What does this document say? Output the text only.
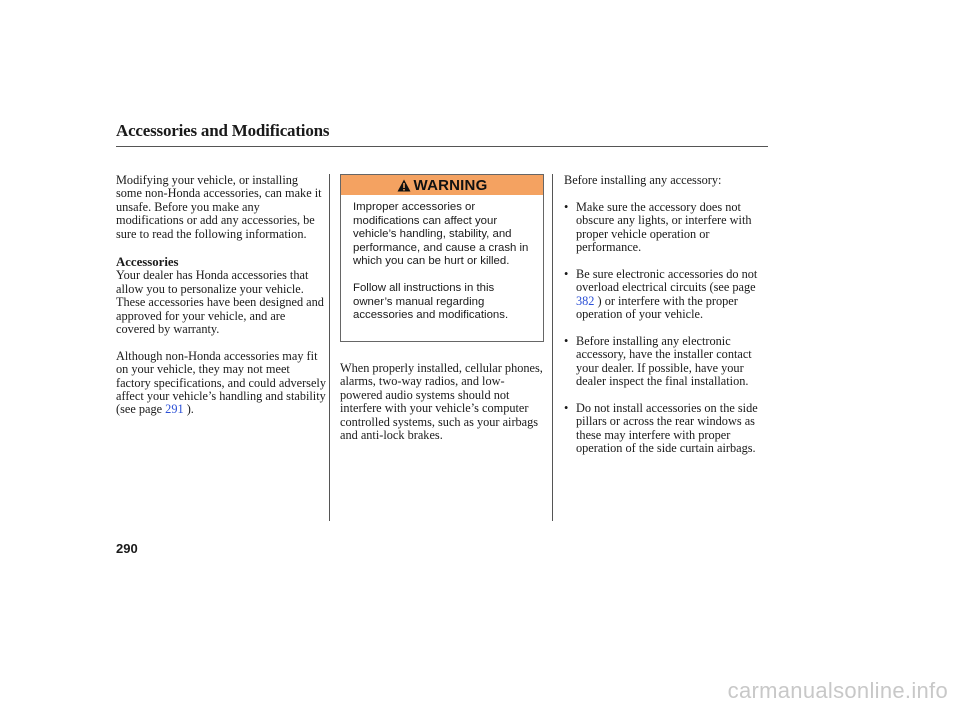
Accessories and Modifications
Modifying your vehicle, or installing some non-Honda accessories, can make it unsafe. Before you make any modifications or add any accessories, be sure to read the following information.
Accessories
Your dealer has Honda accessories that allow you to personalize your vehicle. These accessories have been designed and approved for your vehicle, and are covered by warranty.
Although non-Honda accessories may fit on your vehicle, they may not meet factory specifications, and could adversely affect your vehicle’s handling and stability (see page 291 ).
WARNING

Improper accessories or modifications can affect your vehicle’s handling, stability, and performance, and cause a crash in which you can be hurt or killed.

Follow all instructions in this owner’s manual regarding accessories and modifications.

When properly installed, cellular phones, alarms, two-way radios, and low-powered audio systems should not interfere with your vehicle’s computer controlled systems, such as your airbags and anti-lock brakes.
Before installing any accessory:
• Make sure the accessory does not obscure any lights, or interfere with proper vehicle operation or performance.
• Be sure electronic accessories do not overload electrical circuits (see page 382 ) or interfere with the proper operation of your vehicle.
• Before installing any electronic accessory, have the installer contact your dealer. If possible, have your dealer inspect the final installation.
• Do not install accessories on the side pillars or across the rear windows as these may interfere with proper operation of the side curtain airbags.
290
carmanualsonline.info
